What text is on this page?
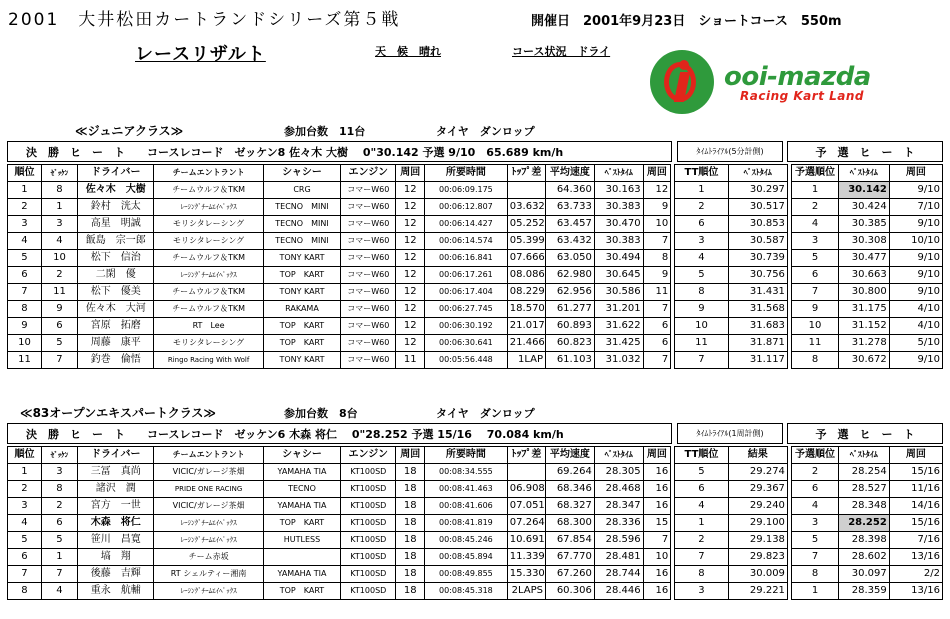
2001　大井松田カートランドシリーズ第５戦	開催日　2001年9月23日　ショートコース　550m
レースリザルト	天　候　晴れ	コース状況　ドライ
ooi-mazda
Racing Kart Land
≪ジュニアクラス≫	参加台数　11台	タイヤ　ダンロップ
決　勝　ヒ　ー　ト　　コースレコード　ゼッケン8 佐々木 大樹　 0"30.142 予選 9/10　65.689 km/h	ﾀｲﾑﾄﾗｲｱﾙ(5分計側)	予　選　ヒ　ー　ト
順位	ｾﾞｯｹﾝ	ドライバー	チームエントラント	シャシー	エンジン	周回	所要時間	ﾄｯﾌﾟ差	平均速度	ﾍﾞｽﾄﾀｲﾑ	周回		TT順位	ﾍﾞｽﾄﾀｲﾑ		予選順位	ﾍﾞｽﾄﾀｲﾑ	周回
1	8	佐々木　大樹	チームウルフ＆TKM	CRG	コマーW60	12	00:06:09.175		64.360	30.163	12		1	30.297		1	30.142	9/10
2	1	鈴村　洸太	ﾚｰｼﾝｸﾞﾁｰﾑｴｲﾍﾟｯｸｽ	TECNO　MINI	コマーW60	12	00:06:12.807	03.632	63.733	30.383	9		2	30.517		2	30.424	7/10
3	3	高星　明誠	モリシタレーシング	TECNO　MINI	コマーW60	12	00:06:14.427	05.252	63.457	30.470	10		6	30.853		4	30.385	9/10
4	4	飯島　宗一郎	モリシタレーシング	TECNO　MINI	コマーW60	12	00:06:14.574	05.399	63.432	30.383	7		3	30.587		3	30.308	10/10
5	10	松下　信治	チームウルフ＆TKM	TONY KART	コマーW60	12	00:06:16.841	07.666	63.050	30.494	8		4	30.739		5	30.477	9/10
6	2	二閑　優	ﾚｰｼﾝｸﾞﾁｰﾑｴｲﾍﾟｯｸｽ	TOP　KART	コマーW60	12	00:06:17.261	08.086	62.980	30.645	9		5	30.756		6	30.663	9/10
7	11	松下　優美	チームウルフ＆TKM	TONY KART	コマーW60	12	00:06:17.404	08.229	62.956	30.586	11		8	31.431		7	30.800	9/10
8	9	佐々木　大河	チームウルフ＆TKM	RAKAMA	コマーW60	12	00:06:27.745	18.570	61.277	31.201	7		9	31.568		9	31.175	4/10
9	6	宮原　拓磨	RT　Lee	TOP　KART	コマーW60	12	00:06:30.192	21.017	60.893	31.622	6		10	31.683		10	31.152	4/10
10	5	周藤　康平	モリシタレーシング	TOP　KART	コマーW60	12	00:06:30.641	21.466	60.823	31.425	6		11	31.871		11	31.278	5/10
11	7	釣巻　倫悟	Ringo Racing With Wolf	TONY KART	コマーW60	11	00:05:56.448	1LAP	61.103	31.032	7		7	31.117		8	30.672	9/10
≪83オープンエキスパートクラス≫	参加台数　8台	タイヤ　ダンロップ
決　勝　ヒ　ー　ト　　コースレコード　ゼッケン6 木森 将仁　 0"28.252 予選 15/16　 70.084 km/h	ﾀｲﾑﾄﾗｲｱﾙ(1周計側)	予　選　ヒ　ー　ト
順位	ｾﾞｯｹﾝ	ドライバー	チームエントラント	シャシー	エンジン	周回	所要時間	ﾄｯﾌﾟ差	平均速度	ﾍﾞｽﾄﾀｲﾑ	周回		TT順位	結果		予選順位	ﾍﾞｽﾄﾀｲﾑ	周回
1	3	三冨　真尚	VICIC/ガレージ茶畑	YAMAHA TIA	KT100SD	18	00:08:34.555		69.264	28.305	16		5	29.274		2	28.254	15/16
2	8	諸沢　潤	PRIDE ONE RACING	TECNO	KT100SD	18	00:08:41.463	06.908	68.346	28.468	16		6	29.367		6	28.527	11/16
3	2	宮方　一世	VICIC/ガレージ茶畑	YAMAHA TIA	KT100SD	18	00:08:41.606	07.051	68.327	28.347	16		4	29.240		4	28.348	14/16
4	6	木森　将仁	ﾚｰｼﾝｸﾞﾁｰﾑｴｲﾍﾟｯｸｽ	TOP　KART	KT100SD	18	00:08:41.819	07.264	68.300	28.336	15		1	29.100		3	28.252	15/16
5	5	笹川　昌寛	ﾚｰｼﾝｸﾞﾁｰﾑｴｲﾍﾟｯｸｽ	HUTLESS	KT100SD	18	00:08:45.246	10.691	67.854	28.596	7		2	29.138		5	28.398	7/16
6	1	塙　翔	チーム赤坂		KT100SD	18	00:08:45.894	11.339	67.770	28.481	10		7	29.823		7	28.602	13/16
7	7	後藤　吉輝	RT シェルティー湘南	YAMAHA TIA	KT100SD	18	00:08:49.855	15.330	67.260	28.744	16		8	30.009		8	30.097	2/2
8	4	重永　航輔	ﾚｰｼﾝｸﾞﾁｰﾑｴｲﾍﾟｯｸｽ	TOP　KART	KT100SD	18	00:08:45.318	2LAPS	60.306	28.446	16		3	29.221		1	28.359	13/16
